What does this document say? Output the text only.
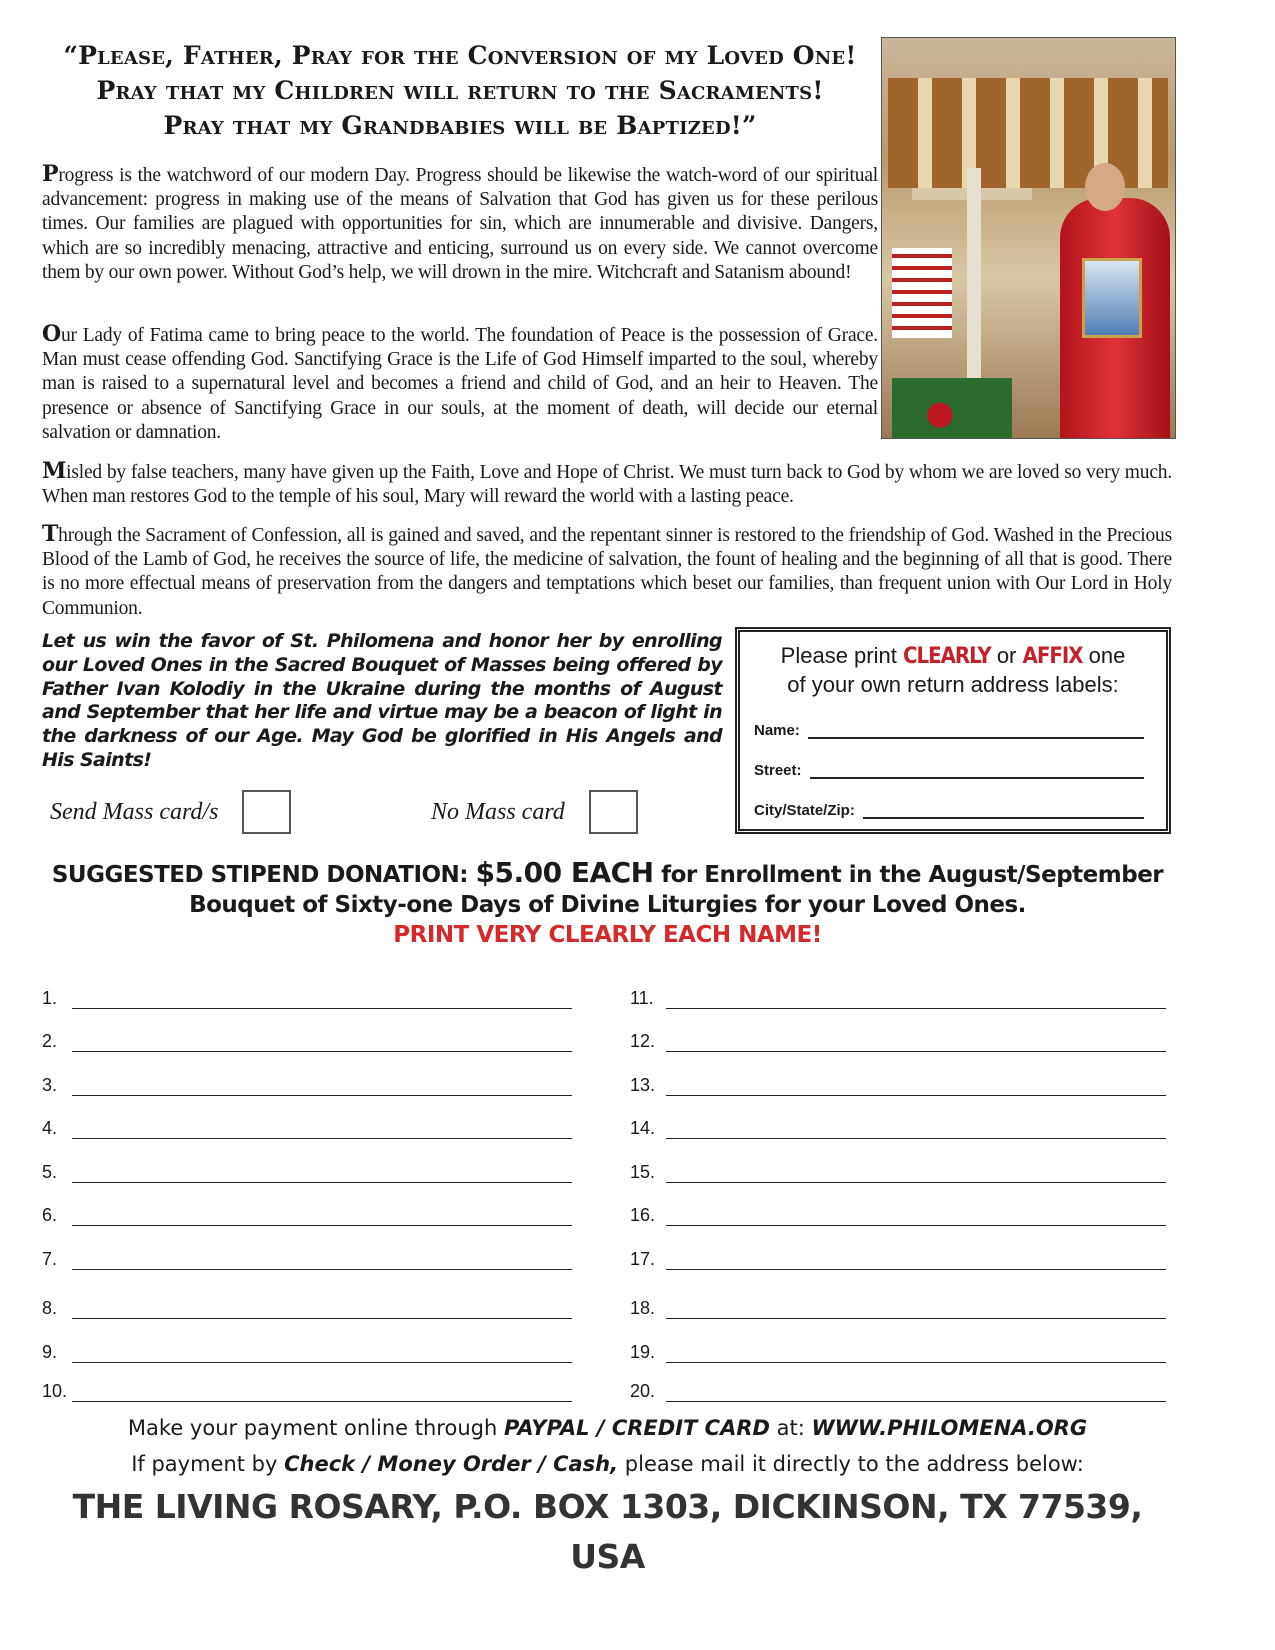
“Please, Father, Pray for the Conversion of my Loved One!
Pray that my Children will return to the Sacraments!
Pray that my Grandbabies will be Baptized!”

Progress is the watchword of our modern Day. Progress should be likewise the watch-word of our spiritual advancement: progress in making use of the means of Salvation that God has given us for these perilous times. Our families are plagued with opportunities for sin, which are innumerable and divisive. Dangers, which are so incredibly menacing, attractive and enticing, surround us on every side. We cannot overcome them by our own power. Without God’s help, we will drown in the mire. Witchcraft and Satanism abound!

Our Lady of Fatima came to bring peace to the world. The foundation of Peace is the possession of Grace. Man must cease offending God. Sanctifying Grace is the Life of God Himself imparted to the soul, whereby man is raised to a supernatural level and becomes a friend and child of God, and an heir to Heaven. The presence or absence of Sanctifying Grace in our souls, at the moment of death, will decide our eternal salvation or damnation.

Misled by false teachers, many have given up the Faith, Love and Hope of Christ. We must turn back to God by whom we are loved so very much. When man restores God to the temple of his soul, Mary will reward the world with a lasting peace.

Through the Sacrament of Confession, all is gained and saved, and the repentant sinner is restored to the friendship of God. Washed in the Precious Blood of the Lamb of God, he receives the source of life, the medicine of salvation, the fount of healing and the beginning of all that is good. There is no more effectual means of preservation from the dangers and temptations which beset our families, than frequent union with Our Lord in Holy Communion.

Let us win the favor of St. Philomena and honor her by enrolling our Loved Ones in the Sacred Bouquet of Masses being offered by Father Ivan Kolodiy in the Ukraine during the months of August and September that her life and virtue may be a beacon of light in the darkness of our Age. May God be glorified in His Angels and His Saints!

Send Mass card/s	No Mass card
Please print CLEARLY or AFFIX one
of your own return address labels:
Name:
Street:
City/State/Zip:
SUGGESTED STIPEND DONATION: $5.00 EACH for Enrollment in the August/September
Bouquet of Sixty-one Days of Divine Liturgies for your Loved Ones.
PRINT VERY CLEARLY EACH NAME!
1.
2.
3.
4.
5.
6.
7.
8.
9.
10.
11.
12.
13.
14.
15.
16.
17.
18.
19.
20.
Make your payment online through PAYPAL / CREDIT CARD at: WWW.PHILOMENA.ORG
If payment by Check / Money Order / Cash, please mail it directly to the address below:
THE LIVING ROSARY, P.O. BOX 1303, DICKINSON, TX 77539, USA
